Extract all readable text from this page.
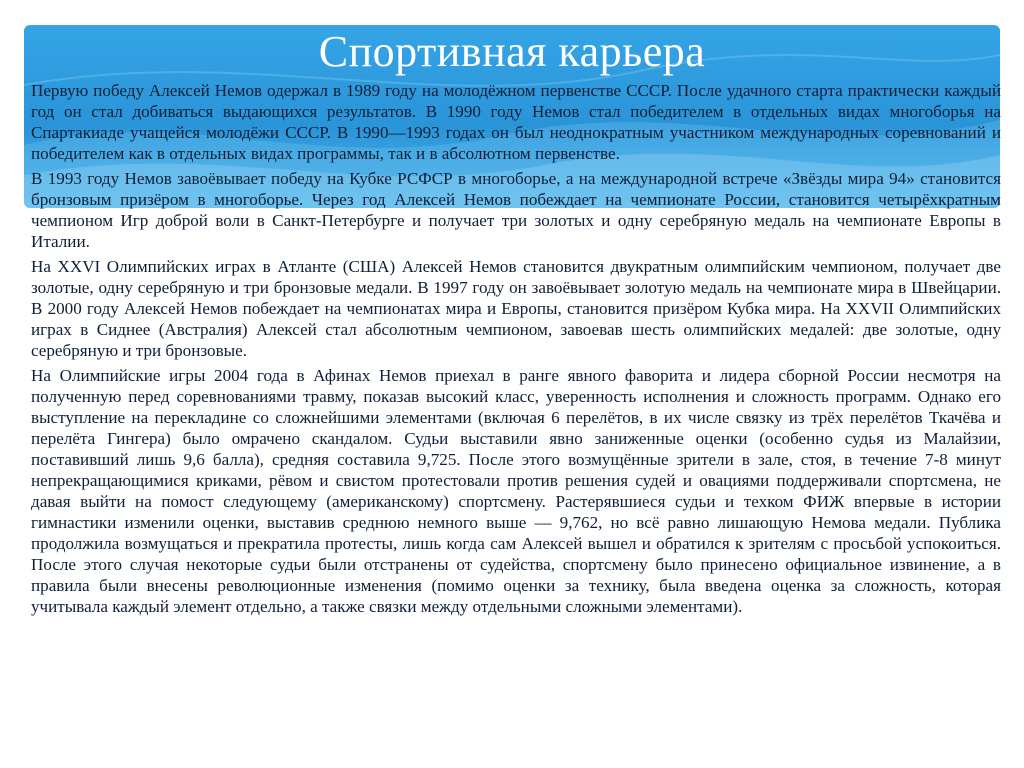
Спортивная карьера

Первую победу Алексей Немов одержал в 1989 году на молодёжном первенстве СССР. После удачного старта практически каждый год он стал добиваться выдающихся результатов. В 1990 году Немов стал победителем в отдельных видах многоборья на Спартакиаде учащейся молодёжи СССР. В 1990—1993 годах он был неоднократным участником международных соревнований и победителем как в отдельных видах программы, так и в абсолютном первенстве.

В 1993 году Немов завоёвывает победу на Кубке РСФСР в многоборье, а на международной встрече «Звёзды мира 94» становится бронзовым призёром в многоборье. Через год Алексей Немов побеждает на чемпионате России, становится четырёхкратным чемпионом Игр доброй воли в Санкт-Петербурге и получает три золотых и одну серебряную медаль на чемпионате Европы в Италии.

На XXVI Олимпийских играх в Атланте (США) Алексей Немов становится двукратным олимпийским чемпионом, получает две золотые, одну серебряную и три бронзовые медали. В 1997 году он завоёвывает золотую медаль на чемпионате мира в Швейцарии. В 2000 году Алексей Немов побеждает на чемпионатах мира и Европы, становится призёром Кубка мира. На XXVII Олимпийских играх в Сиднее (Австралия) Алексей стал абсолютным чемпионом, завоевав шесть олимпийских медалей: две золотые, одну серебряную и три бронзовые.

На Олимпийские игры 2004 года в Афинах Немов приехал в ранге явного фаворита и лидера сборной России несмотря на полученную перед соревнованиями травму, показав высокий класс, уверенность исполнения и сложность программ. Однако его выступление на перекладине со сложнейшими элементами (включая 6 перелётов, в их числе связку из трёх перелётов Ткачёва и перелёта Гингера) было омрачено скандалом. Судьи выставили явно заниженные оценки (особенно судья из Малайзии, поставивший лишь 9,6 балла), средняя составила 9,725. После этого возмущённые зрители в зале, стоя, в течение 7-8 минут непрекращающимися криками, рёвом и свистом протестовали против решения судей и овациями поддерживали спортсмена, не давая выйти на помост следующему (американскому) спортсмену. Растерявшиеся судьи и техком ФИЖ впервые в истории гимнастики изменили оценки, выставив среднюю немного выше — 9,762, но всё равно лишающую Немова медали. Публика продолжила возмущаться и прекратила протесты, лишь когда сам Алексей вышел и обратился к зрителям с просьбой успокоиться. После этого случая некоторые судьи были отстранены от судейства, спортсмену было принесено официальное извинение, а в правила были внесены революционные изменения (помимо оценки за технику, была введена оценка за сложность, которая учитывала каждый элемент отдельно, а также связки между отдельными сложными элементами).
